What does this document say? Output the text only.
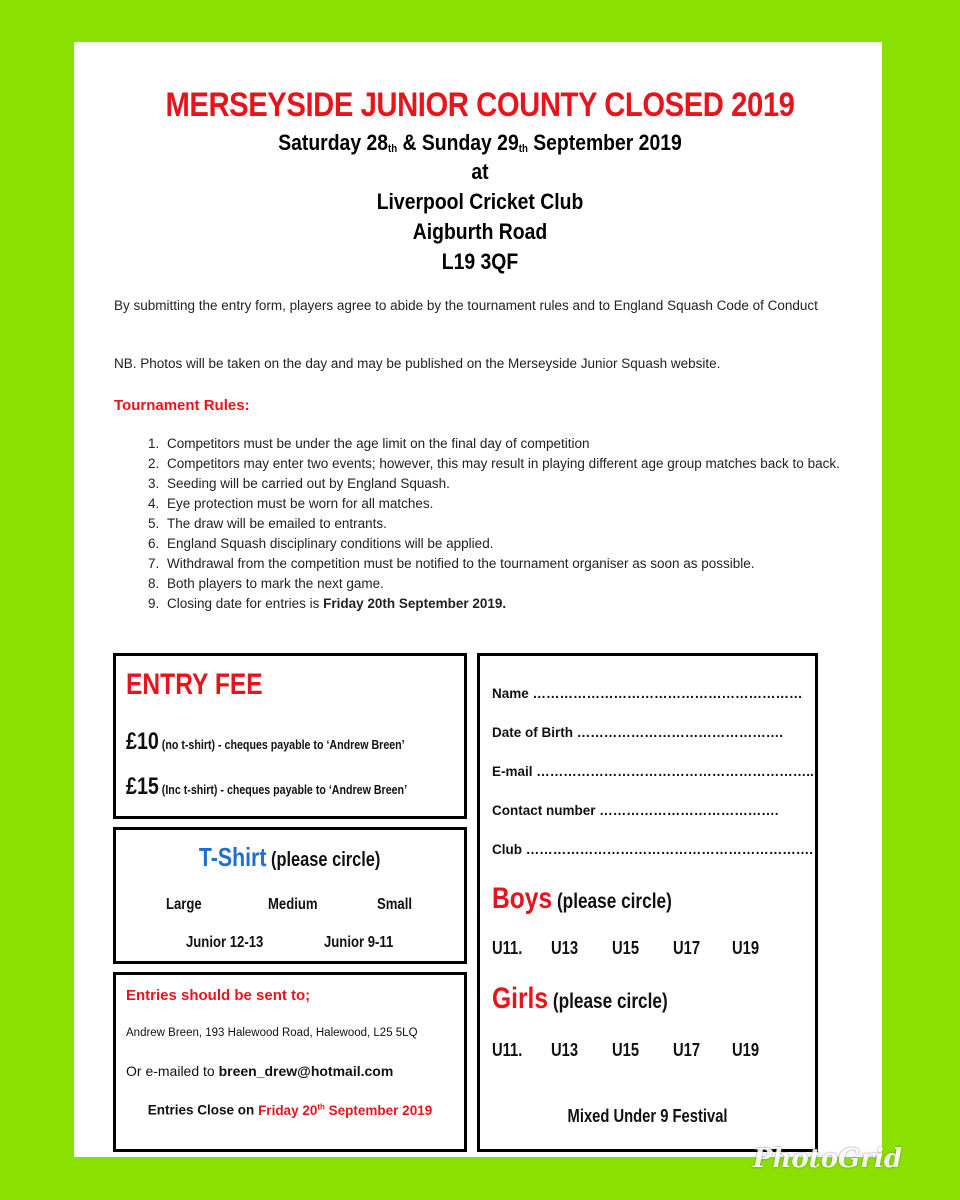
MERSEYSIDE JUNIOR COUNTY CLOSED 2019
Saturday $28_{th}$ & Sunday $29_{th}$ September 2019
at
Liverpool Cricket Club
Aigburth Road
L19 3QF
By submitting the entry form, players agree to abide by the tournament rules and to England Squash Code of Conduct
NB. Photos will be taken on the day and may be published on the Merseyside Junior Squash website.
Tournament Rules:
1. Competitors must be under the age limit on the final day of competition
2. Competitors may enter two events; however, this may result in playing different age group matches back to back.
3. Seeding will be carried out by England Squash.
4. Eye protection must be worn for all matches.
5. The draw will be emailed to entrants.
6. England Squash disciplinary conditions will be applied.
7. Withdrawal from the competition must be notified to the tournament organiser as soon as possible.
8. Both players to mark the next game.
9. Closing date for entries is Friday 20th September 2019.
ENTRY FEE
£10 (no t-shirt) - cheques payable to ‘Andrew Breen’
£15 (Inc t-shirt) - cheques payable to ‘Andrew Breen’
T-Shirt (please circle)
Large	Medium	Small
Junior 12-13	Junior 9-11
Entries should be sent to;
Andrew Breen, 193 Halewood Road, Halewood, L25 5LQ
Or e-mailed to breen_drew@hotmail.com
Entries Close on Friday 20th September 2019
Name ……………………………………………………
Date of Birth ……………………………………….
E-mail ……………………………………………………..
Contact number ………………………………….
Club ……………………………………………………….
Boys (please circle)
U11.	U13	U15	U17	U19
Girls (please circle)
U11.	U13	U15	U17	U19
Mixed Under 9 Festival
PhotoGrid
